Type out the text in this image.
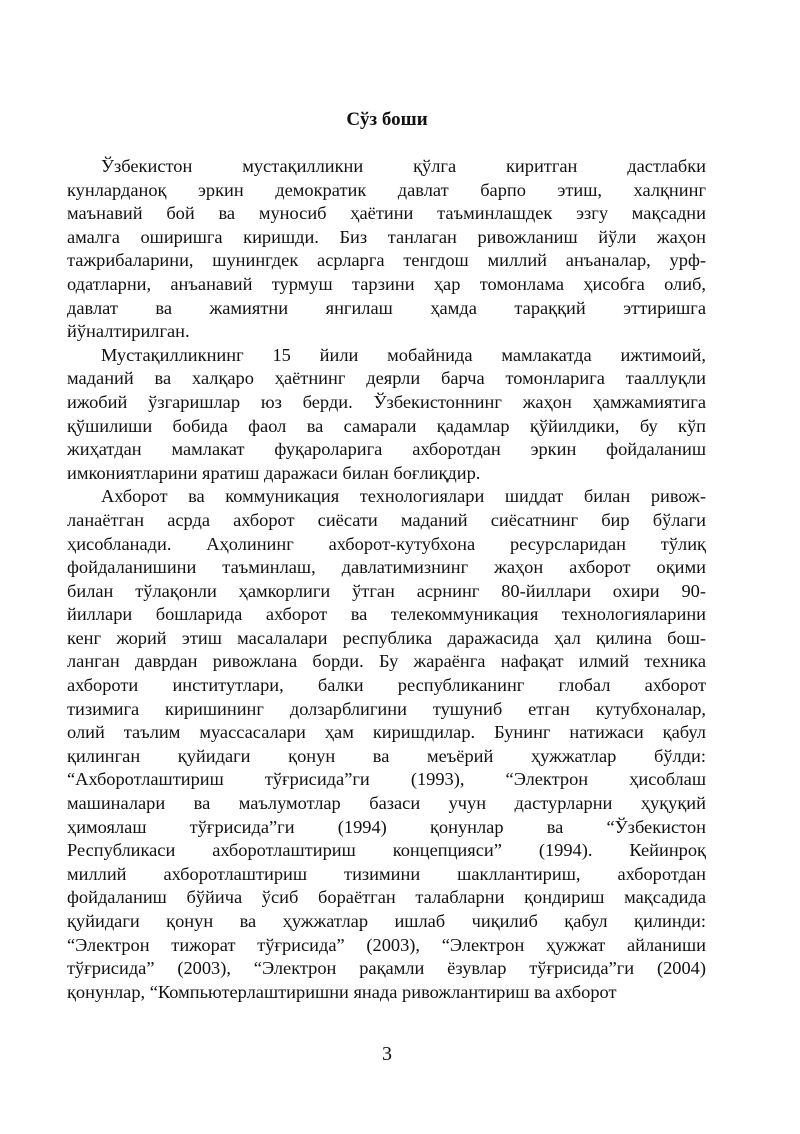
Сўз боши
Ўзбекистон мустақилликни қўлга киритган дастлабки
кунларданоқ эркин демократик давлат барпо этиш, халқнинг
маънавий бой ва муносиб ҳаётини таъминлашдек эзгу мақсадни
амалга оширишга киришди. Биз танлаган ривожланиш йўли жаҳон
тажрибаларини, шунингдек асрларга тенгдош миллий анъаналар, урф-
одатларни, анъанавий турмуш тарзини ҳар томонлама ҳисобга олиб,
давлат ва жамиятни янгилаш ҳамда тараққий эттиришга
йўналтирилган.
Мустақилликнинг 15 йили мобайнида мамлакатда ижтимоий,
маданий ва халқаро ҳаётнинг деярли барча томонларига тааллуқли
ижобий ўзгаришлар юз берди. Ўзбекистоннинг жаҳон ҳамжамиятига
қўшилиши бобида фаол ва самарали қадамлар қўйилдики, бу кўп
жиҳатдан мамлакат фуқароларига ахборотдан эркин фойдаланиш
имкониятларини яратиш даражаси билан боғлиқдир.
Ахборот ва коммуникация технологиялари шиддат билан ривож-
ланаётган асрда ахборот сиёсати маданий сиёсатнинг бир бўлаги
ҳисобланади. Аҳолининг ахборот-кутубхона ресурсларидан тўлиқ
фойдаланишини таъминлаш, давлатимизнинг жаҳон ахборот оқими
билан тўлақонли ҳамкорлиги ўтган асрнинг 80-йиллари охири 90-
йиллари бошларида ахборот ва телекоммуникация технологияларини
кенг жорий этиш масалалари республика даражасида ҳал қилина бош-
ланган даврдан ривожлана борди. Бу жараёнга нафақат илмий техника
ахбороти институтлари, балки республиканинг глобал ахборот
тизимига киришининг долзарблигини тушуниб етган кутубхоналар,
олий таълим муассасалари ҳам киришдилар. Бунинг натижаси қабул
қилинган қуйидаги қонун ва меъёрий ҳужжатлар бўлди:
“Ахборотлаштириш тўғрисида”ги (1993), “Электрон ҳисоблаш
машиналари ва маълумотлар базаси учун дастурларни ҳуқуқий
ҳимоялаш тўғрисида”ги (1994) қонунлар ва “Ўзбекистон
Республикаси ахборотлаштириш концепцияси” (1994). Кейинроқ
миллий ахборотлаштириш тизимини шакллантириш, ахборотдан
фойдаланиш бўйича ўсиб бораётган талабларни қондириш мақсадида
қуйидаги қонун ва ҳужжатлар ишлаб чиқилиб қабул қилинди:
“Электрон тижорат тўғрисида” (2003), “Электрон ҳужжат айланиши
тўғрисида” (2003), “Электрон рақамли ёзувлар тўғрисида”ги (2004)
қонунлар, “Компьютерлаштиришни янада ривожлантириш ва ахборот
3
